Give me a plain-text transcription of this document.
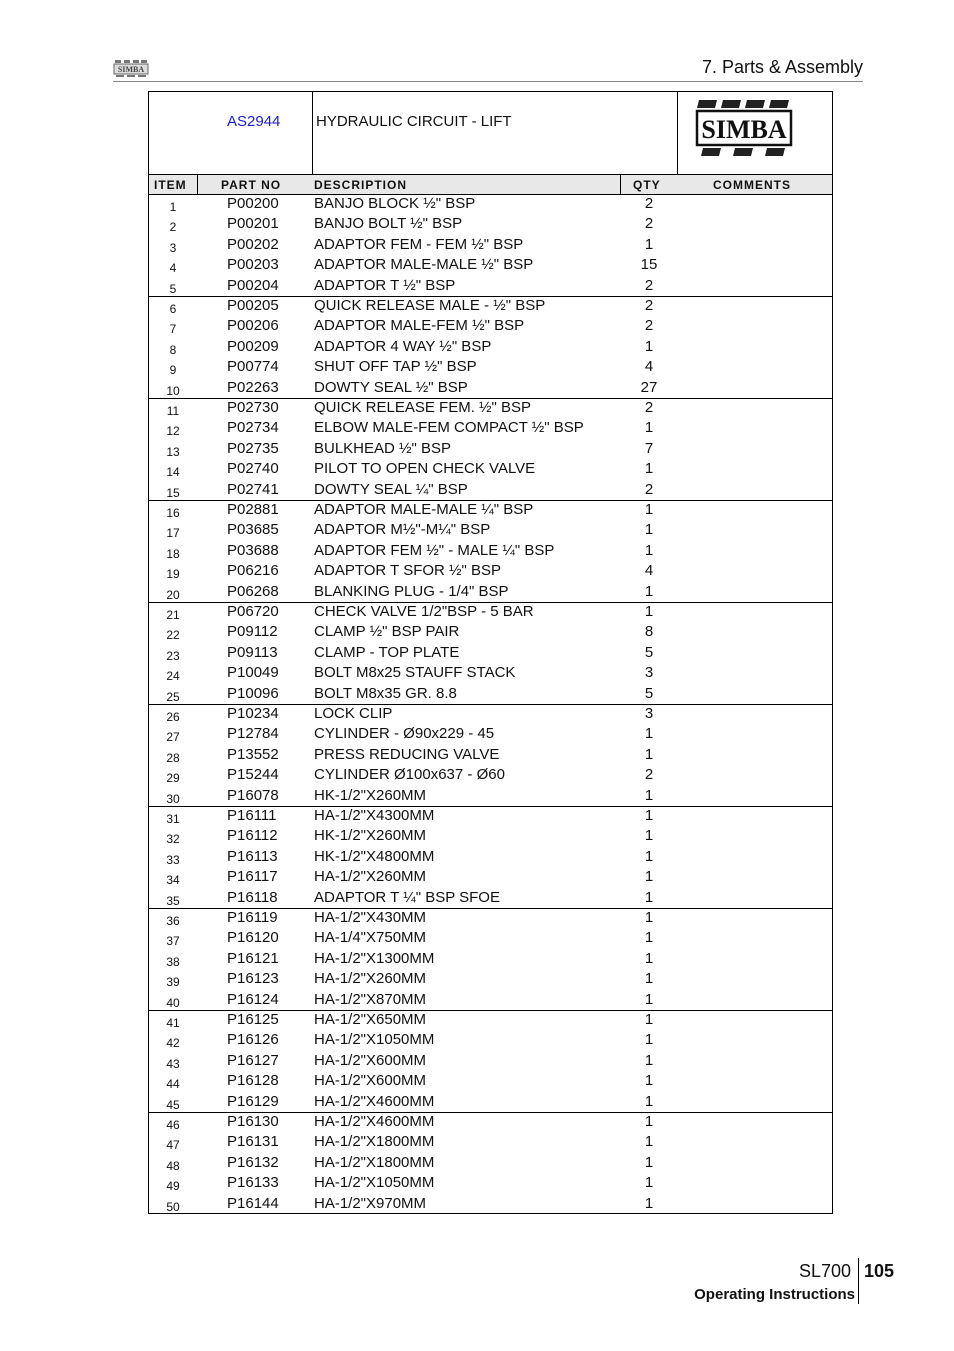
SIMBA	7. Parts & Assembly
AS2944 HYDRAULIC CIRCUIT - LIFT	SIMBA
ITEM	PART NO	DESCRIPTION	QTY	COMMENTS
1	P00200 BANJO BLOCK ½" BSP	2
2	P00201 BANJO BOLT ½" BSP	2
3	P00202 ADAPTOR FEM - FEM ½" BSP	1
4	P00203 ADAPTOR MALE-MALE ½" BSP	15
5	P00204 ADAPTOR T ½" BSP	2
6	P00205 QUICK RELEASE MALE - ½" BSP	2
7	P00206 ADAPTOR MALE-FEM ½" BSP	2
8	P00209 ADAPTOR 4 WAY ½" BSP	1
9	P00774 SHUT OFF TAP ½" BSP	4
10	P02263 DOWTY SEAL ½" BSP	27
11	P02730 QUICK RELEASE FEM. ½" BSP	2
12	P02734 ELBOW MALE-FEM COMPACT ½" BSP	1
13	P02735 BULKHEAD ½" BSP	7
14	P02740 PILOT TO OPEN CHECK VALVE	1
15	P02741 DOWTY SEAL ¼" BSP	2
16	P02881 ADAPTOR MALE-MALE ¼" BSP	1
17	P03685 ADAPTOR M½"-M¼" BSP	1
18	P03688 ADAPTOR FEM ½" - MALE ¼" BSP	1
19	P06216 ADAPTOR T SFOR ½" BSP	4
20	P06268 BLANKING PLUG - 1/4" BSP	1
21	P06720 CHECK VALVE 1/2"BSP - 5 BAR	1
22	P09112 CLAMP ½" BSP PAIR	8
23	P09113 CLAMP - TOP PLATE	5
24	P10049 BOLT M8x25 STAUFF STACK	3
25	P10096 BOLT M8x35 GR. 8.8	5
26	P10234 LOCK CLIP	3
27	P12784 CYLINDER - Ø90x229 - 45	1
28	P13552 PRESS REDUCING VALVE	1
29	P15244 CYLINDER Ø100x637 - Ø60	2
30	P16078 HK-1/2"X260MM	1
31	P16111	HA-1/2"X4300MM	1
32	P16112 HK-1/2"X260MM	1
33	P16113 HK-1/2"X4800MM	1
34	P16117 HA-1/2"X260MM	1
35	P16118 ADAPTOR T ¼" BSP SFOE	1
36	P16119 HA-1/2"X430MM	1
37	P16120 HA-1/4"X750MM	1
38	P16121 HA-1/2"X1300MM	1
39	P16123 HA-1/2"X260MM	1
40	P16124 HA-1/2"X870MM	1
41	P16125 HA-1/2"X650MM	1
42	P16126 HA-1/2"X1050MM	1
43	P16127 HA-1/2"X600MM	1
44	P16128 HA-1/2"X600MM	1
45	P16129 HA-1/2"X4600MM	1
46	P16130 HA-1/2"X4600MM	1
47	P16131 HA-1/2"X1800MM	1
48	P16132 HA-1/2"X1800MM	1
49	P16133 HA-1/2"X1050MM	1
50	P16144 HA-1/2"X970MM	1
SL700 105
Operating Instructions
